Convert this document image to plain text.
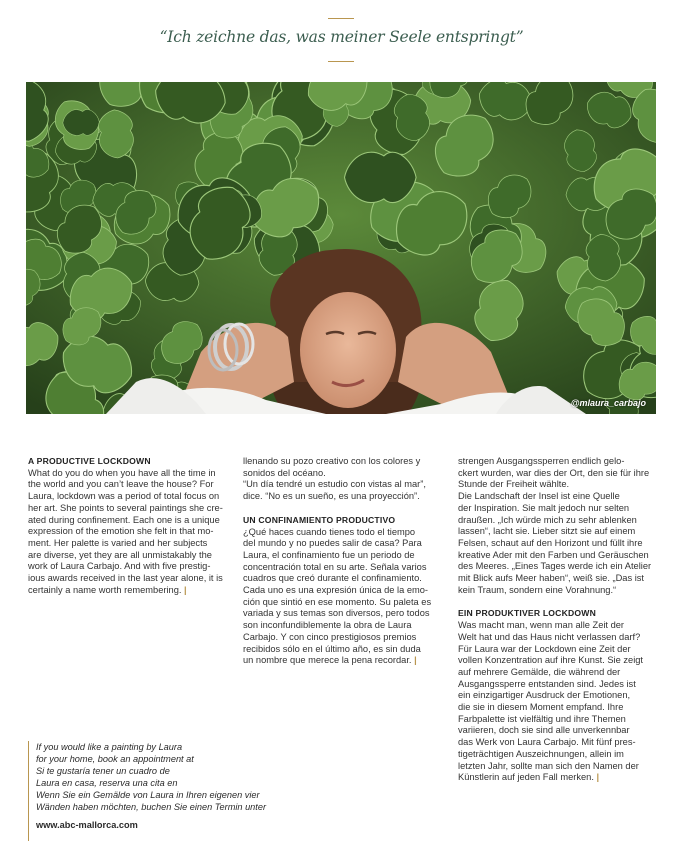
“Ich zeichne das, was meiner Seele entspringt”
@mlaura_carbajo

A PRODUCTIVE LOCKDOWN

What do you do when you have all the time in
the world and you can’t leave the house? For
Laura, lockdown was a period of total focus on
her art. She points to several paintings she cre-
ated during confinement. Each one is a unique
expression of the emotion she felt in that mo-
ment. Her palette is varied and her subjects
are diverse, yet they are all unmistakably the
work of Laura Carbajo. And with five prestig-
ious awards received in the last year alone, it is
certainly a name worth remembering. |
llenando su pozo creativo con los colores y
sonidos del océano.
“Un día tendré un estudio con vistas al mar”,
dice. “No es un sueño, es una proyección”.

UN CONFINAMIENTO PRODUCTIVO

¿Qué haces cuando tienes todo el tiempo
del mundo y no puedes salir de casa? Para
Laura, el confinamiento fue un periodo de
concentración total en su arte. Señala varios
cuadros que creó durante el confinamiento.
Cada uno es una expresión única de la emo-
ción que sintió en ese momento. Su paleta es
variada y sus temas son diversos, pero todos
son inconfundiblemente la obra de Laura
Carbajo. Y con cinco prestigiosos premios
recibidos sólo en el último año, es sin duda
un nombre que merece la pena recordar. |
strengen Ausgangssperren endlich gelo-
ckert wurden, war dies der Ort, den sie für ihre
Stunde der Freiheit wählte.
Die Landschaft der Insel ist eine Quelle
der Inspiration. Sie malt jedoch nur selten
draußen. „Ich würde mich zu sehr ablenken
lassen“, lacht sie. Lieber sitzt sie auf einem
Felsen, schaut auf den Horizont und füllt ihre
kreative Ader mit den Farben und Geräuschen
des Meeres. „Eines Tages werde ich ein Atelier
mit Blick aufs Meer haben“, weiß sie. „Das ist
kein Traum, sondern eine Vorahnung.“

EIN PRODUKTIVER LOCKDOWN

Was macht man, wenn man alle Zeit der
Welt hat und das Haus nicht verlassen darf?
Für Laura war der Lockdown eine Zeit der
vollen Konzentration auf ihre Kunst. Sie zeigt
auf mehrere Gemälde, die während der
Ausgangssperre entstanden sind. Jedes ist
ein einzigartiger Ausdruck der Emotionen,
die sie in diesem Moment empfand. Ihre
Farbpalette ist vielfältig und ihre Themen
variieren, doch sie sind alle unverkennbar
das Werk von Laura Carbajo. Mit fünf pres-
tigeträchtigen Auszeichnungen, allein im
letzten Jahr, sollte man sich den Namen der
Künstlerin auf jeden Fall merken. |

If you would like a painting by Laura

for your home, book an appointment at

Si te gustaría tener un cuadro de

Laura en casa, reserva una cita en

Wenn Sie ein Gemälde von Laura in Ihren eigenen vier

Wänden haben möchten, buchen Sie einen Termin unter

www.abc-mallorca.com
